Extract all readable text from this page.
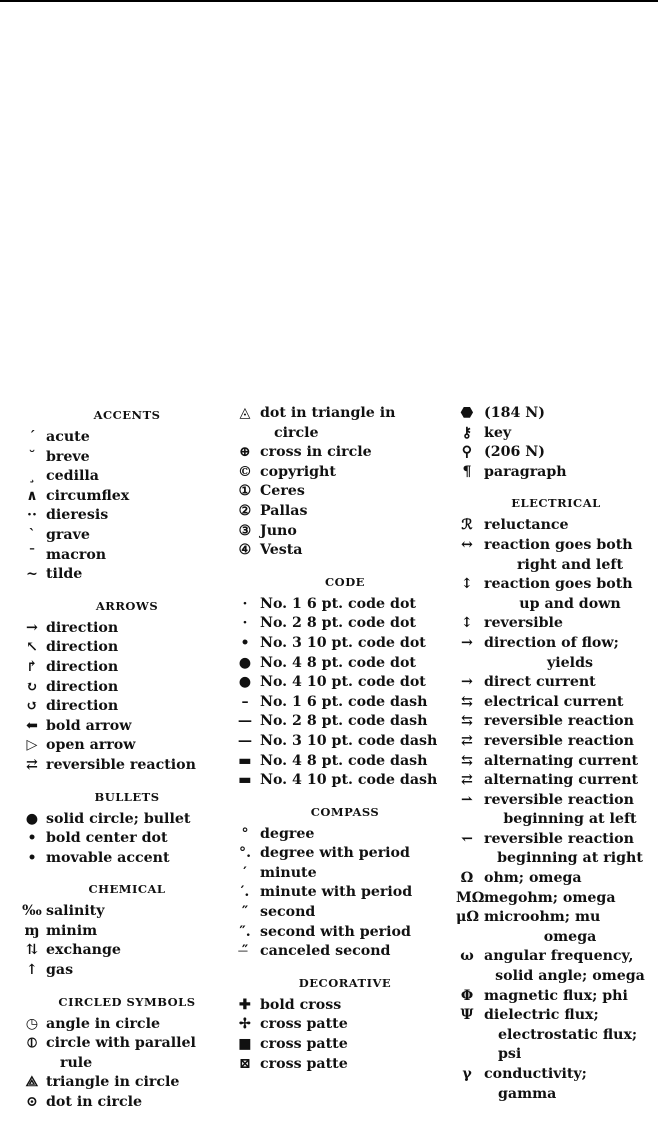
ACCENTS
ˊ acute
˘ breve
¸ cedilla
∧ circumflex
·· dieresis
ˋ grave
¯ macron
~ tilde
ARROWS
→ direction
↖ direction
↱ direction
↻ direction
↺ direction
⬅ bold arrow
▷ open arrow
⇄ reversible reaction
BULLETS
● solid circle; bullet
• bold center dot
• movable accent
CHEMICAL
‰ salinity
ɱ minim
⇅ exchange
↑ gas
CIRCLED SYMBOLS
◷ angle in circle
⦶ circle with parallel
rule
⟁ triangle in circle
⊙ dot in circle
◬ dot in triangle in
circle
⊕ cross in circle
© copyright
① Ceres
② Pallas
③ Juno
④ Vesta
CODE
· No. 1 6 pt. code dot
· No. 2 8 pt. code dot
• No. 3 10 pt. code dot
● No. 4 8 pt. code dot
● No. 4 10 pt. code dot
– No. 1 6 pt. code dash
— No. 2 8 pt. code dash
— No. 3 10 pt. code dash
▬ No. 4 8 pt. code dash
▬ No. 4 10 pt. code dash
COMPASS
° degree
°. degree with period
′ minute
′. minute with period
″ second
″. second with period
″̶ canceled second
DECORATIVE
✚ bold cross
✢ cross patte
■ cross patte
⊠ cross patte
⬣ (184 N)
⚷ key
⚲ (206 N)
¶ paragraph
ELECTRICAL
ℛ reluctance
↔ reaction goes both
right and left
↕ reaction goes both
up and down
↕ reversible
→ direction of flow;
yields
→ direct current
⇆ electrical current
⇆ reversible reaction
⇄ reversible reaction
⇆ alternating current
⇄ alternating current
⇀ reversible reaction
beginning at left
↽ reversible reaction
beginning at right
Ω ohm; omega
MΩ megohm; omega
μΩ microohm; mu
omega
ω angular frequency,
solid angle; omega
Φ magnetic flux; phi
Ψ dielectric flux;
electrostatic flux;
psi
γ conductivity;
gamma
